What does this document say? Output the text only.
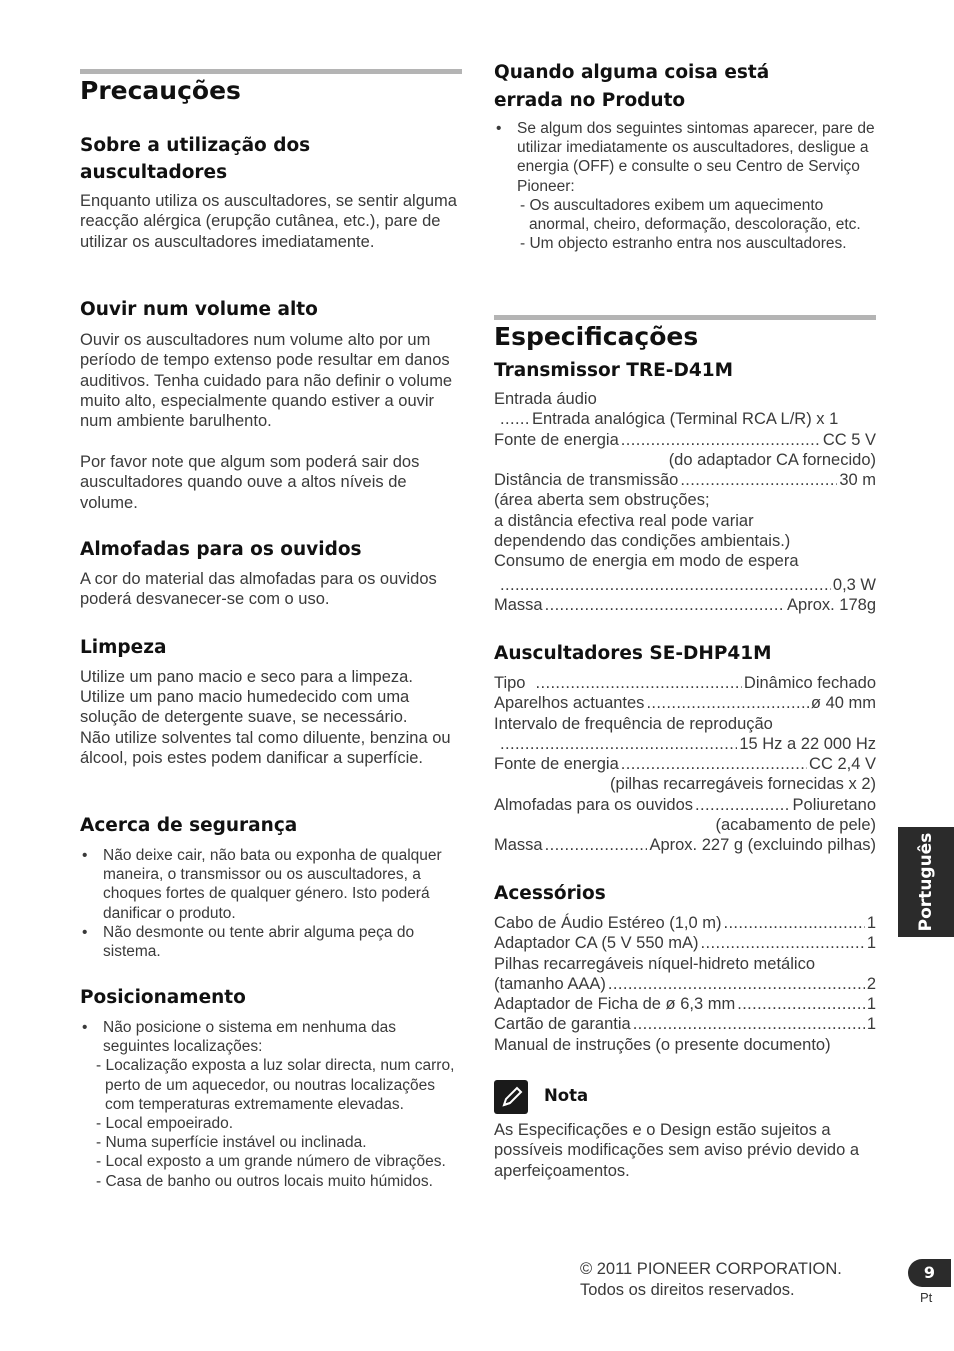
Precauções
Sobre a utilização dos auscultadores

Enquanto utiliza os auscultadores, se sentir alguma reacção alérgica (erupção cutânea, etc.), pare de utilizar os auscultadores imediatamente.

Ouvir num volume alto

Ouvir os auscultadores num volume alto por um período de tempo extenso pode resultar em danos auditivos. Tenha cuidado para não definir o volume muito alto, especialmente quando estiver a ouvir num ambiente barulhento.

Por favor note que algum som poderá sair dos auscultadores quando ouve a altos níveis de volume.

Almofadas para os ouvidos

A cor do material das almofadas para os ouvidos poderá desvanecer-se com o uso.

Limpeza

Utilize um pano macio e seco para a limpeza.

Utilize um pano macio humedecido com uma solução de detergente suave, se necessário.

Não utilize solventes tal como diluente, benzina ou álcool, pois estes podem danificar a superfície.

Acerca de segurança
• Não deixe cair, não bata ou exponha de qualquer maneira, o transmissor ou os auscultadores, a choques fortes de qualquer género. Isto poderá danificar o produto.
• Não desmonte ou tente abrir alguma peça do sistema.
Posicionamento
• Não posicione o sistema em nenhuma das seguintes localizações:
- Localização exposta a luz solar directa, num carro, perto de um aquecedor, ou noutras localizações com temperaturas extremamente elevadas.
- Local empoeirado.
- Numa superfície instável ou inclinada.
- Local exposto a um grande número de vibrações.
- Casa de banho ou outros locais muito húmidos.
Quando alguma coisa está errada no Produto
• Se algum dos seguintes sintomas aparecer, pare de utilizar imediatamente os auscultadores, desligue a energia (OFF) e consulte o seu Centro de Serviço Pioneer:
- Os auscultadores exibem um aquecimento anormal, cheiro, deformação, descoloração, etc.
- Um objecto estranho entra nos auscultadores.
Especificações
Transmissor TRE-D41M
Entrada áudio
.....
Entrada analógica (Terminal RCA L/R) x 1
Fonte de energia .....	CC 5 V
(do adaptador CA fornecido)
Distância de transmissão .....	30 m
(área aberta sem obstruções;
a distância efectiva real pode variar
dependendo das condições ambientais.)
Consumo de energia em modo de espera
.....
0,3 W
Massa .....	Aprox. 178g
Auscultadores SE-DHP41M
Tipo .....	Dinâmico fechado
Aparelhos actuantes .....	ø 40 mm
Intervalo de frequência de reprodução
.....
15 Hz a 22 000 Hz
Fonte de energia .....	CC 2,4 V
(pilhas recarregáveis fornecidas x 2)
Almofadas para os ouvidos .....	Poliuretano
(acabamento de pele)
Massa .....	Aprox. 227 g (excluindo pilhas)
Acessórios
Cabo de Áudio Estéreo (1,0 m) .....	1
Adaptador CA (5 V 550 mA) .....	1
Pilhas recarregáveis níquel-hidreto metálico
(tamanho AAA) .....	2
Adaptador de Ficha de ø 6,3 mm .....	1
Cartão de garantia .....	1
Manual de instruções (o presente documento)
Nota

As Especificações e o Design estão sujeitos a possíveis modificações sem aviso prévio devido a aperfeiçoamentos.

© 2011 PIONEER CORPORATION.
Todos os direitos reservados.
Português
9
Pt
